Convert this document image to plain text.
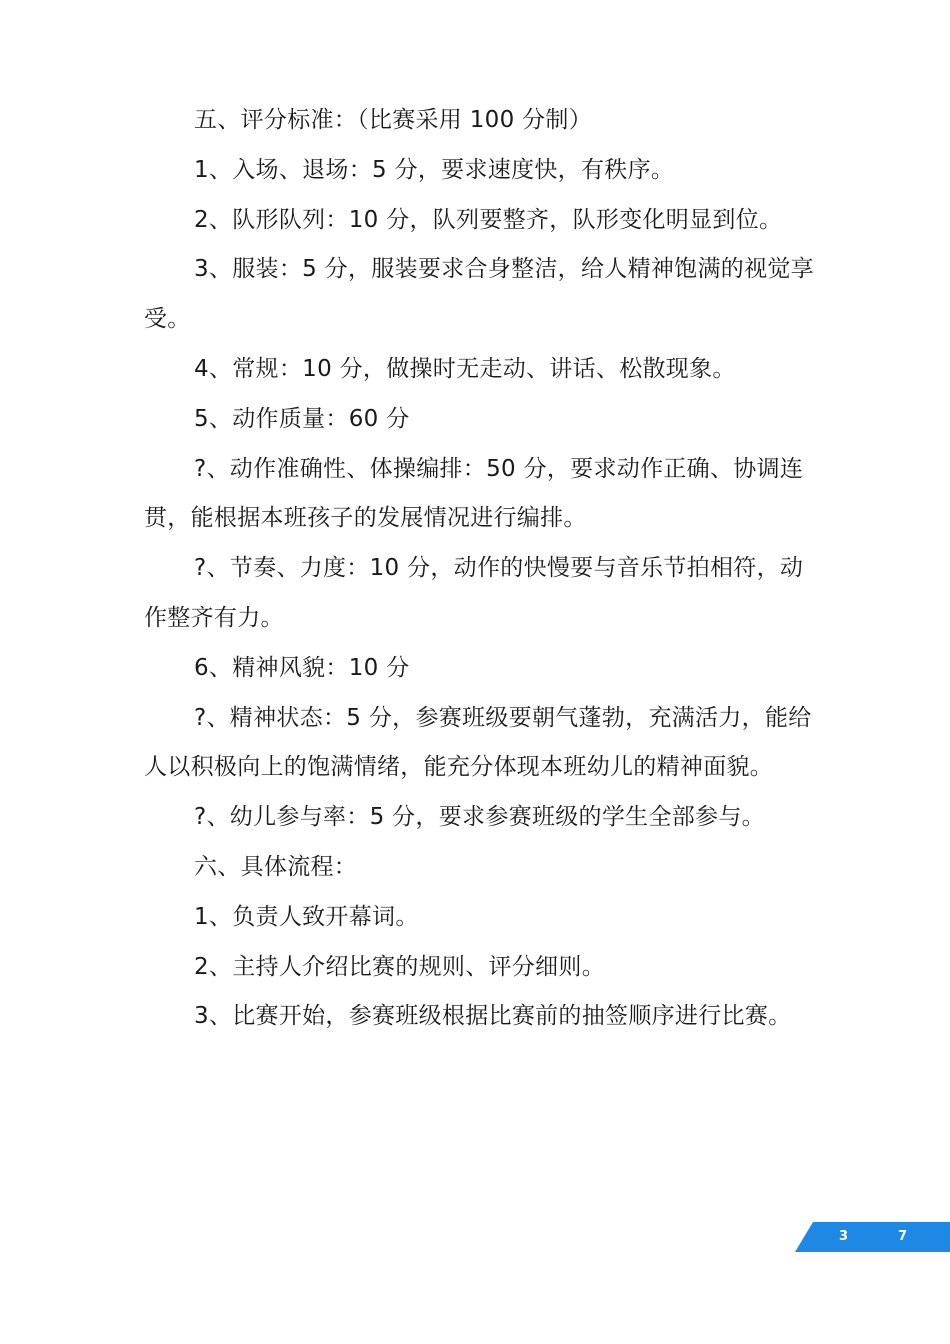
五、评分标准：（比赛采用 100 分制）

1、入场、退场：5 分，要求速度快，有秩序。

2、队形队列：10 分，队列要整齐，队形变化明显到位。

3、服装：5 分，服装要求合身整洁，给人精神饱满的视觉享受。

4、常规：10 分，做操时无走动、讲话、松散现象。

5、动作质量：60 分

?、动作准确性、体操编排：50 分，要求动作正确、协调连贯，能根据本班孩子的发展情况进行编排。

?、节奏、力度：10 分，动作的快慢要与音乐节拍相符，动作整齐有力。

6、精神风貌：10 分

?、精神状态：5 分，参赛班级要朝气蓬勃，充满活力，能给人以积极向上的饱满情绪，能充分体现本班幼儿的精神面貌。

?、幼儿参与率：5 分，要求参赛班级的学生全部参与。

六、具体流程：

1、负责人致开幕词。

2、主持人介绍比赛的规则、评分细则。

3、比赛开始，参赛班级根据比赛前的抽签顺序进行比赛。

3	7
